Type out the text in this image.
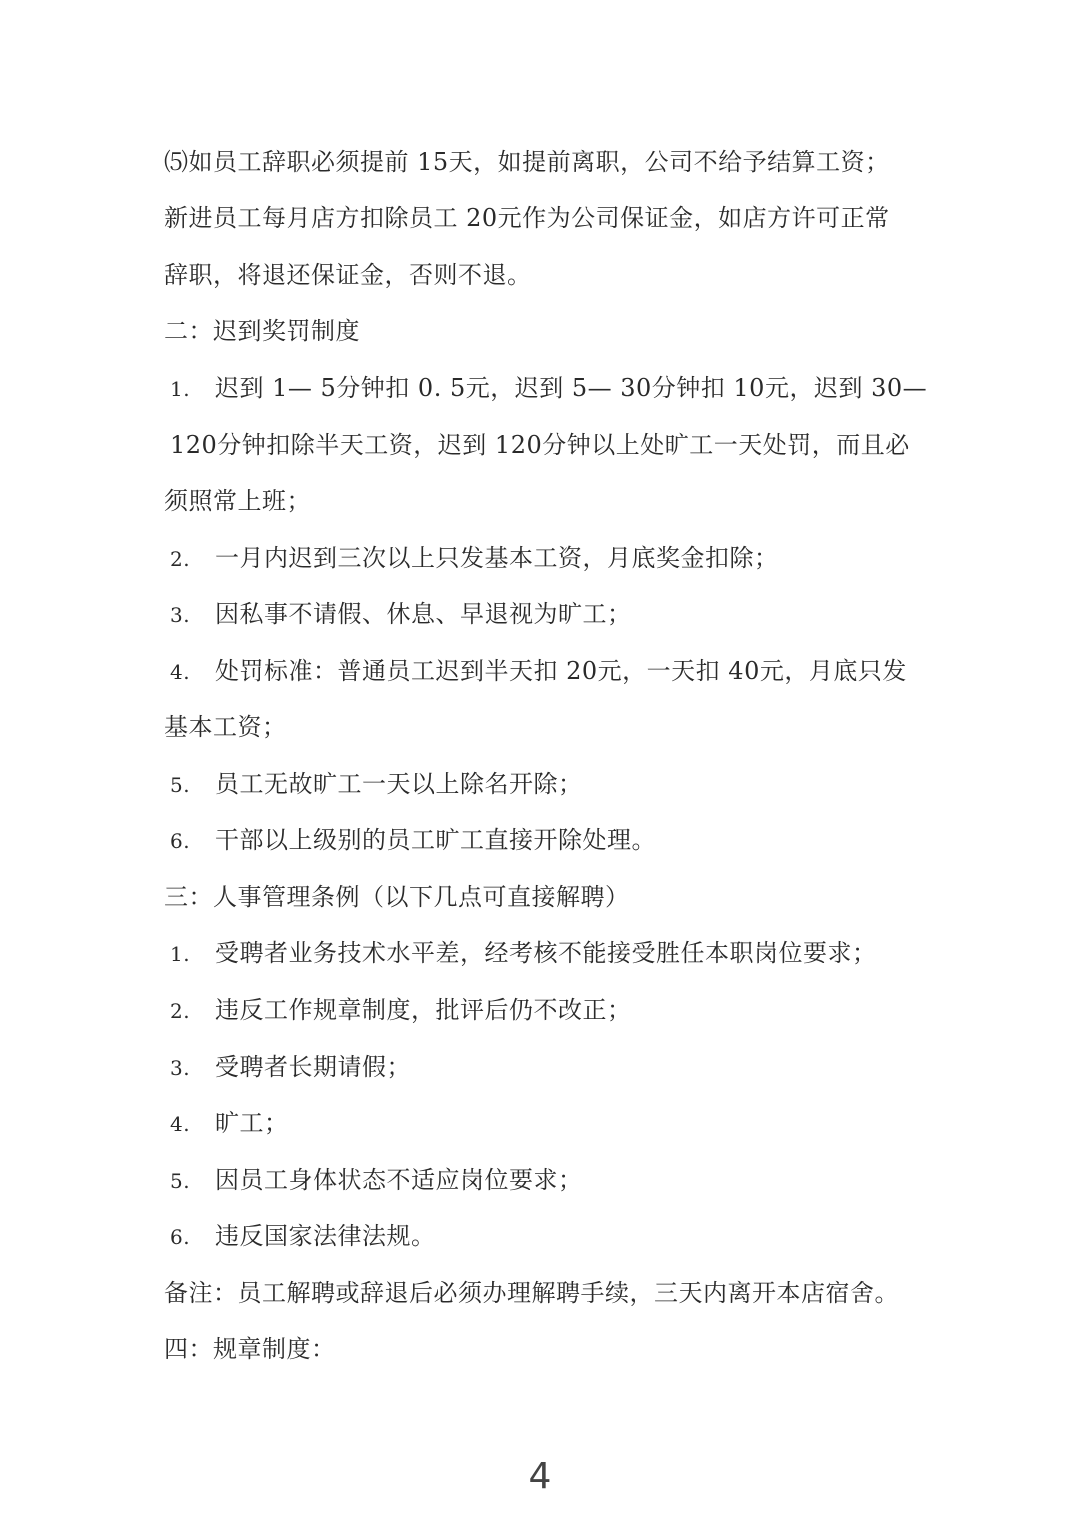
⑸如员工辞职必须提前 15天，如提前离职，公司不给予结算工资；
新进员工每月店方扣除员工 20元作为公司保证金，如店方许可正常
辞职，将退还保证金，否则不退。
二：迟到奖罚制度
1. 迟到 1— 5分钟扣 0. 5元，迟到 5— 30分钟扣 10元，迟到 30—
120分钟扣除半天工资，迟到 120分钟以上处旷工一天处罚，而且必
须照常上班；
2. 一月内迟到三次以上只发基本工资，月底奖金扣除；
3. 因私事不请假、休息、早退视为旷工；
4. 处罚标准：普通员工迟到半天扣 20元，一天扣 40元，月底只发
基本工资；
5. 员工无故旷工一天以上除名开除；
6. 干部以上级别的员工旷工直接开除处理。
三：人事管理条例（以下几点可直接解聘）
1. 受聘者业务技术水平差，经考核不能接受胜任本职岗位要求；
2. 违反工作规章制度，批评后仍不改正；
3. 受聘者长期请假；
4. 旷工；
5. 因员工身体状态不适应岗位要求；
6. 违反国家法律法规。
备注：员工解聘或辞退后必须办理解聘手续，三天内离开本店宿舍。
四：规章制度：
4
